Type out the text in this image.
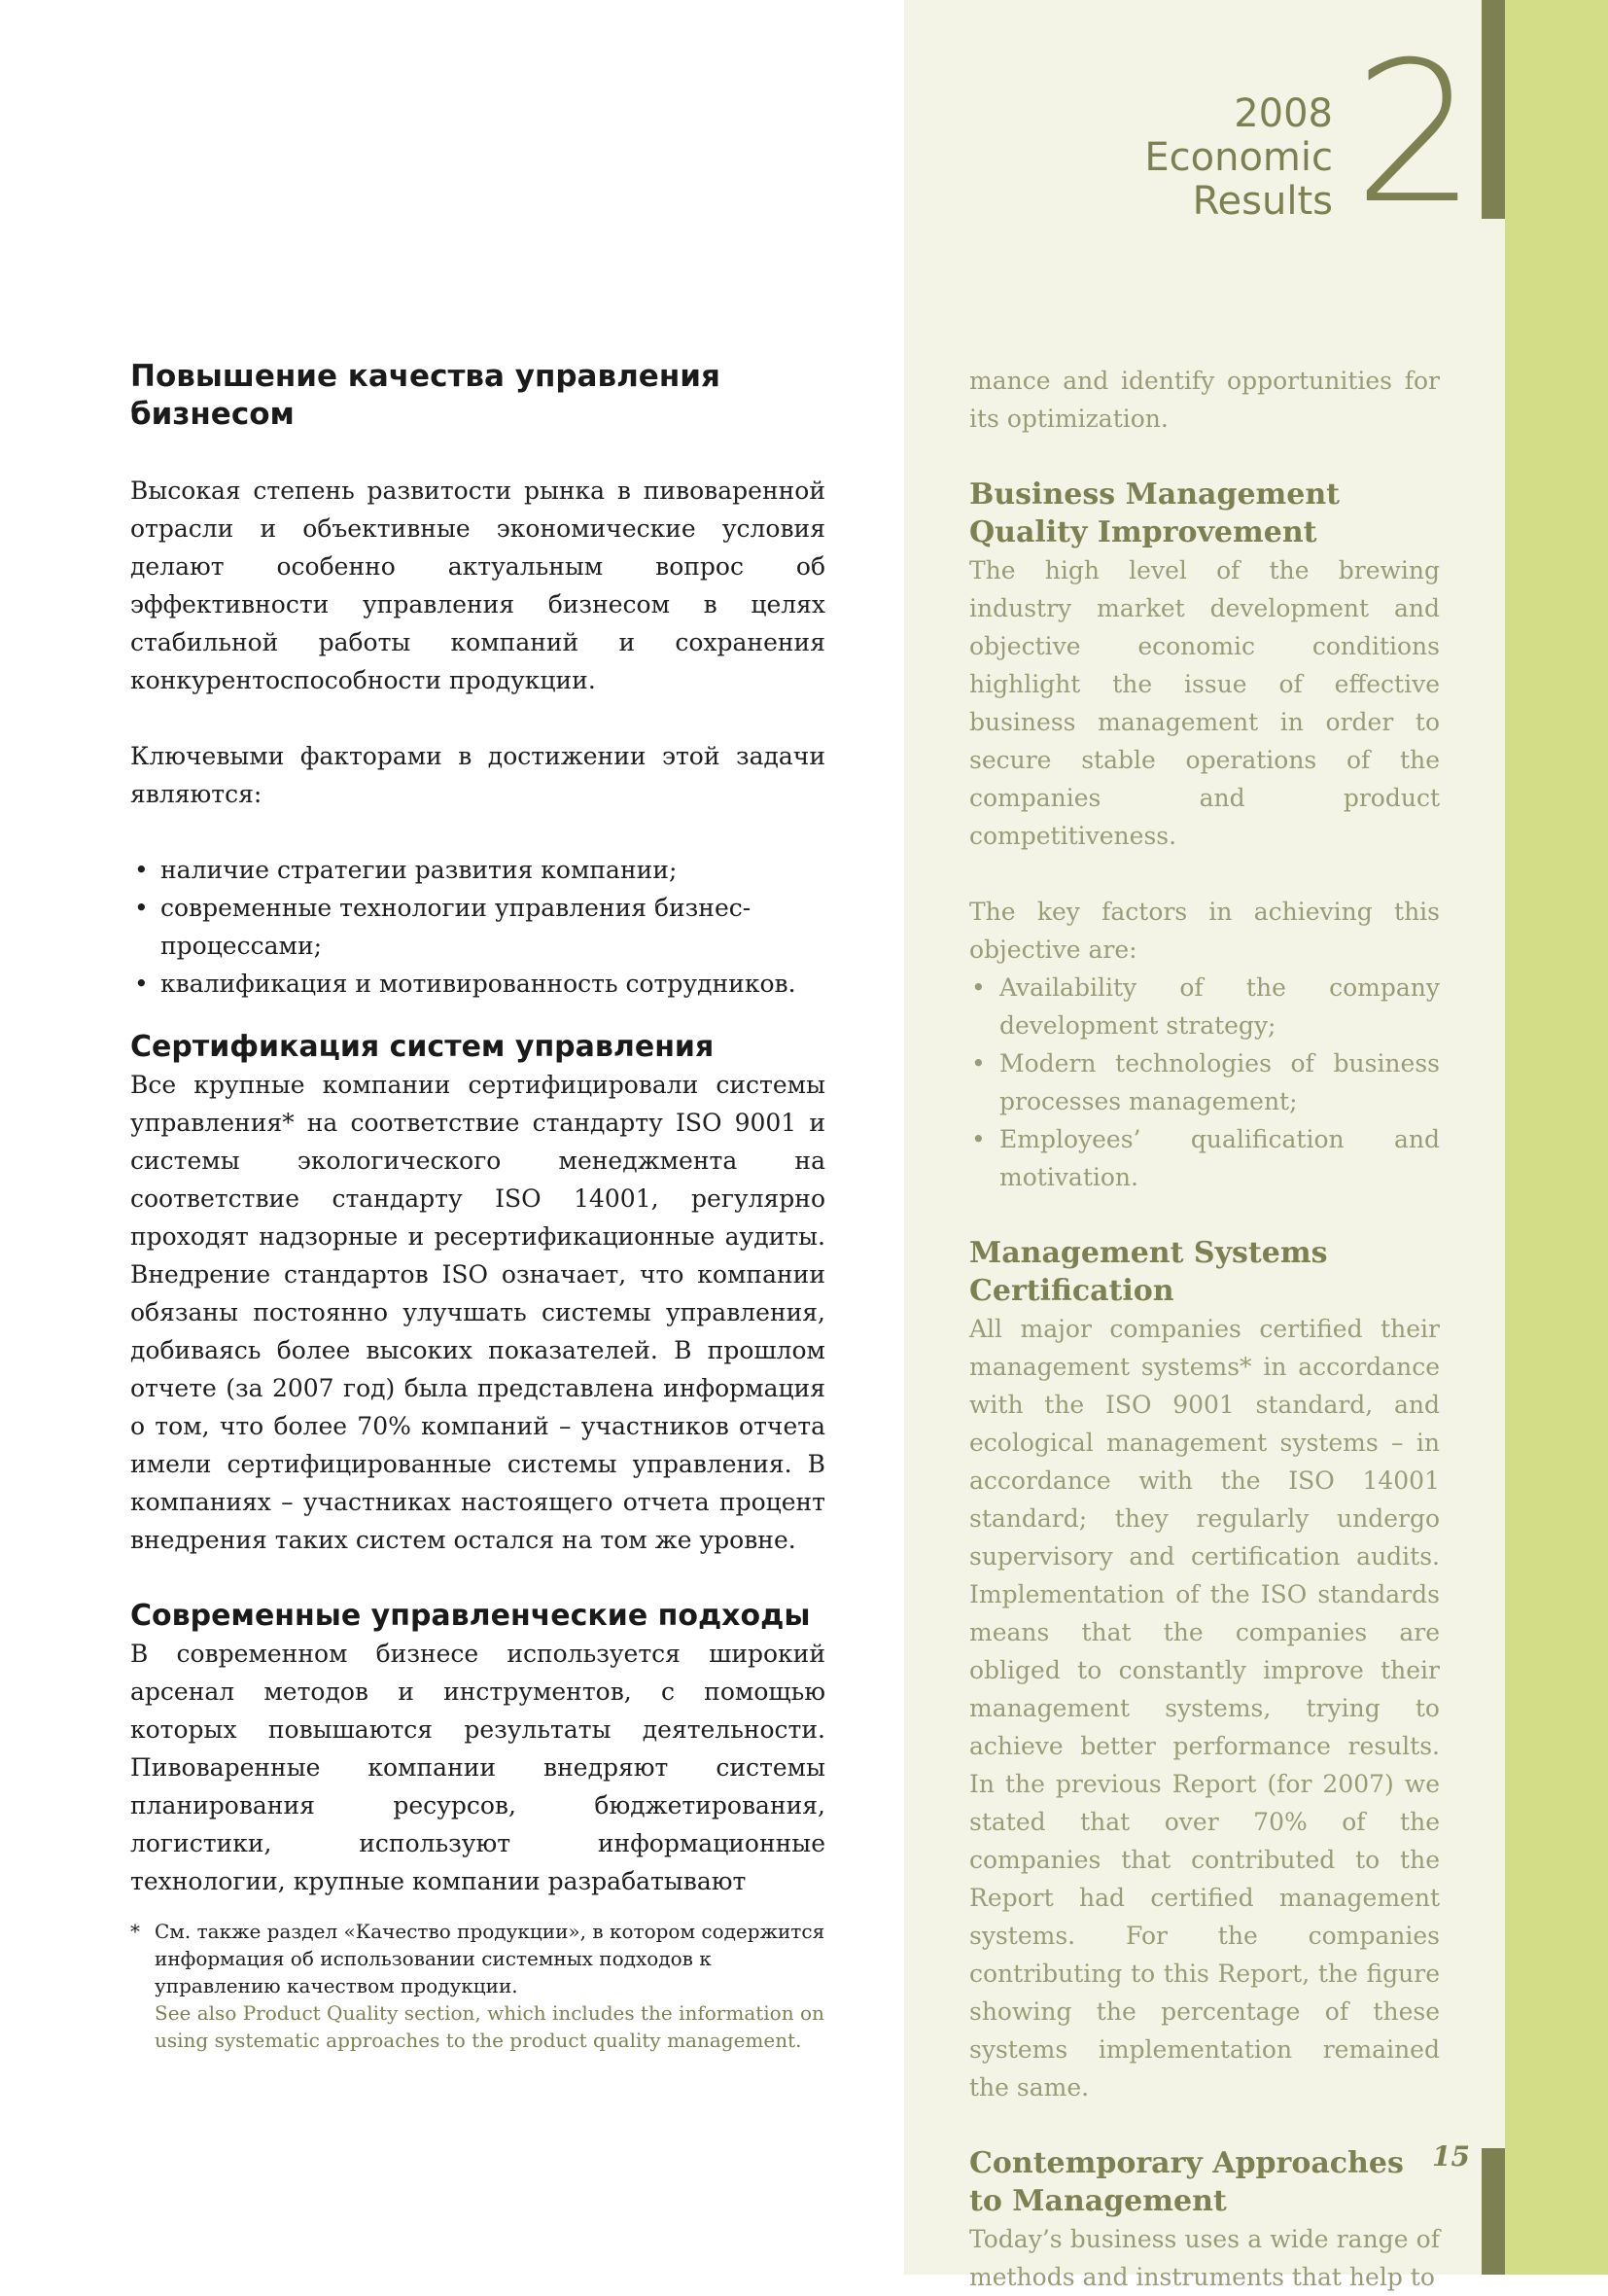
2008
Economic
Results 2
Повышение качества управления бизнесом

Высокая степень развитости рынка в пивоваренной отрасли и объективные экономические условия делают особенно актуальным вопрос об эффективности управления бизнесом в целях стабильной работы компаний и сохранения конкурентоспособности продукции.

Ключевыми факторами в достижении этой задачи являются:

• наличие стратегии развития компании;
• современные технологии управления бизнес-процессами;
• квалификация и мотивированность сотрудников.
Сертификация систем управления

Все крупные компании сертифицировали системы управления* на соответствие стандарту ISO 9001 и системы экологического менеджмента на соответствие стандарту ISO 14001, регулярно проходят надзорные и ресертификационные аудиты. Внедрение стандартов ISO означает, что компании обязаны постоянно улучшать системы управления, добиваясь более высоких показателей. В прошлом отчете (за 2007 год) была представлена информация о том, что более 70% компаний – участников отчета имели сертифицированные системы управления. В компаниях – участниках настоящего отчета процент внедрения таких систем остался на том же уровне.

Современные управленческие подходы

В современном бизнесе используется широкий арсенал методов и инструментов, с помощью которых повышаются результаты деятельности. Пивоваренные компании внедряют системы планирования ресурсов, бюджетирования, логистики, используют информационные технологии, крупные компании разрабатывают

* См. также раздел «Качество продукции», в котором содержится информация об использовании системных подходов к управлению качеством продукции.
See also Product Quality section, which includes the information on using systematic approaches to the product quality management.

mance and identify opportunities for its optimization.

Business Management Quality Improvement

The high level of the brewing industry market development and objective economic conditions highlight the issue of effective business management in order to secure stable operations of the companies and product competitiveness.

The key factors in achieving this objective are:

• Availability of the company development strategy;
• Modern technologies of business processes management;
• Employees’ qualification and motivation.
Management Systems Certification

All major companies certified their management systems* in accordance with the ISO 9001 standard, and ecological management systems – in accordance with the ISO 14001 standard; they regularly undergo supervisory and certification audits. Implementation of the ISO standards means that the companies are obliged to constantly improve their management systems, trying to achieve better performance results. In the previous Report (for 2007) we stated that over 70% of the companies that contributed to the Report had certified management systems. For the companies contributing to this Report, the figure showing the percentage of these systems implementation remained the same.

Contemporary Approaches to Management

Today’s business uses a wide range of methods and instruments that help to

15
